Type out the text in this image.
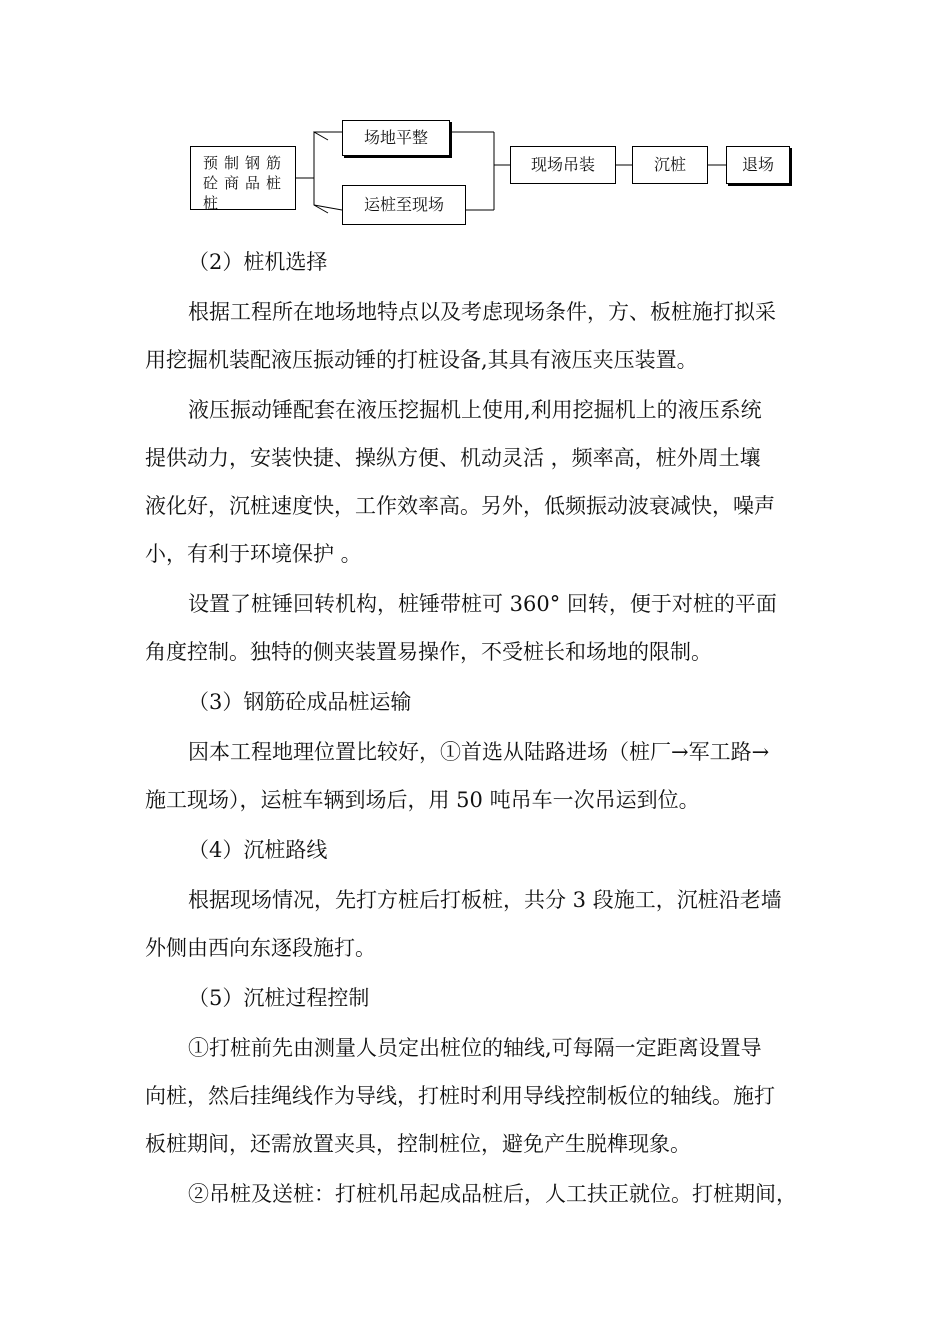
预制钢筋
砼商品桩
桩
场地平整
运桩至现场
现场吊装	沉桩	退场
（2）桩机选择
根据工程所在地场地特点以及考虑现场条件，方、板桩施打拟采
用挖掘机装配液压振动锤的打桩设备,其具有液压夹压装置。
液压振动锤配套在液压挖掘机上使用,利用挖掘机上的液压系统
提供动力，安装快捷、操纵方便、机动灵活 ，频率高，桩外周土壤
液化好，沉桩速度快，工作效率高。另外，低频振动波衰减快，噪声
小，有利于环境保护 。
设置了桩锤回转机构，桩锤带桩可 360° 回转，便于对桩的平面
角度控制。独特的侧夹装置易操作，不受桩长和场地的限制。
（3）钢筋砼成品桩运输
因本工程地理位置比较好，①首选从陆路进场（桩厂→军工路→
施工现场），运桩车辆到场后，用 50 吨吊车一次吊运到位。
（4）沉桩路线
根据现场情况，先打方桩后打板桩，共分 3 段施工，沉桩沿老墙
外侧由西向东逐段施打。
（5）沉桩过程控制
①打桩前先由测量人员定出桩位的轴线,可每隔一定距离设置导
向桩，然后挂绳线作为导线，打桩时利用导线控制板位的轴线。施打
板桩期间，还需放置夹具，控制桩位，避免产生脱榫现象。
②吊桩及送桩：打桩机吊起成品桩后，人工扶正就位。打桩期间，
